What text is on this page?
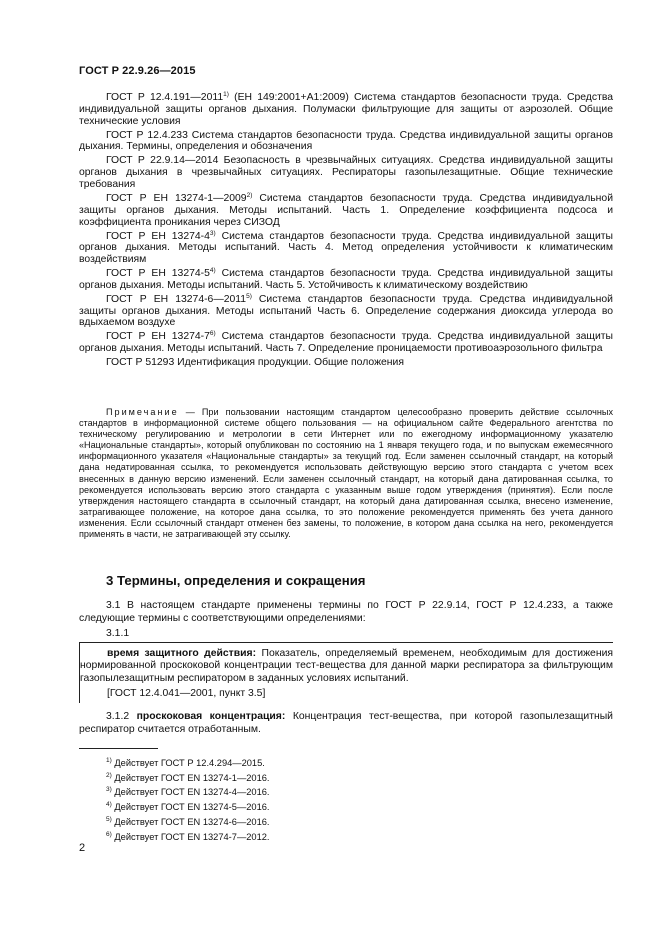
ГОСТ Р 22.9.26—2015

ГОСТ Р 12.4.191—2011$^{1)}$ (ЕН 149:2001+А1:2009) Система стандартов безопасности труда. Средства индивидуальной защиты органов дыхания. Полумаски фильтрующие для защиты от аэрозолей. Общие технические условия

ГОСТ Р 12.4.233 Система стандартов безопасности труда. Средства индивидуальной защиты органов дыхания. Термины, определения и обозначения

ГОСТ Р 22.9.14—2014 Безопасность в чрезвычайных ситуациях. Средства индивидуальной защиты органов дыхания в чрезвычайных ситуациях. Респираторы газопылезащитные. Общие технические требования

ГОСТ Р ЕН 13274-1—2009$^{2)}$ Система стандартов безопасности труда. Средства индивидуальной защиты органов дыхания. Методы испытаний. Часть 1. Определение коэффициента подсоса и коэффициента проникания через СИЗОД

ГОСТ Р ЕН 13274-4$^{3)}$ Система стандартов безопасности труда. Средства индивидуальной защиты органов дыхания. Методы испытаний. Часть 4. Метод определения устойчивости к климатическим воздействиям

ГОСТ Р ЕН 13274-5$^{4)}$ Система стандартов безопасности труда. Средства индивидуальной защиты органов дыхания. Методы испытаний. Часть 5. Устойчивость к климатическому воздействию

ГОСТ Р ЕН 13274-6—2011$^{5)}$ Система стандартов безопасности труда. Средства индивидуальной защиты органов дыхания. Методы испытаний Часть 6. Определение содержания диоксида углерода во вдыхаемом воздухе

ГОСТ Р ЕН 13274-7$^{6)}$ Система стандартов безопасности труда. Средства индивидуальной защиты органов дыхания. Методы испытаний. Часть 7. Определение проницаемости противоаэрозольного фильтра

ГОСТ Р 51293 Идентификация продукции. Общие положения

Примечание — При пользовании настоящим стандартом целесообразно проверить действие ссылочных стандартов в информационной системе общего пользования — на официальном сайте Федерального агентства по техническому регулированию и метрологии в сети Интернет или по ежегодному информационному указателю «Национальные стандарты», который опубликован по состоянию на 1 января текущего года, и по выпускам ежемесячного информационного указателя «Национальные стандарты» за текущий год. Если заменен ссылочный стандарт, на который дана недатированная ссылка, то рекомендуется использовать действующую версию этого стандарта с учетом всех внесенных в данную версию изменений. Если заменен ссылочный стандарт, на который дана датированная ссылка, то рекомендуется использовать версию этого стандарта с указанным выше годом утверждения (принятия). Если после утверждения настоящего стандарта в ссылочный стандарт, на который дана датированная ссылка, внесено изменение, затрагивающее положение, на которое дана ссылка, то это положение рекомендуется применять без учета данного изменения. Если ссылочный стандарт отменен без замены, то положение, в котором дана ссылка на него, рекомендуется применять в части, не затрагивающей эту ссылку.
3 Термины, определения и сокращения
3.1 В настоящем стандарте применены термины по ГОСТ Р 22.9.14, ГОСТ Р 12.4.233, а также следующие термины с соответствующими определениями:
3.1.1
время защитного действия: Показатель, определяемый временем, необходимым для достижения нормированной проскоковой концентрации тест-вещества для данной марки респиратора за фильтрующим газопылезащитным респиратором в заданных условиях испытаний.
[ГОСТ 12.4.041—2001, пункт 3.5]
3.1.2 проскоковая концентрация: Концентрация тест-вещества, при которой газопылезащитный респиратор считается отработанным.
$^{1)}$ Действует ГОСТ Р 12.4.294—2015.
$^{2)}$ Действует ГОСТ EN 13274-1—2016.
$^{3)}$ Действует ГОСТ EN 13274-4—2016.
$^{4)}$ Действует ГОСТ EN 13274-5—2016.
$^{5)}$ Действует ГОСТ EN 13274-6—2016.
$^{6)}$ Действует ГОСТ EN 13274-7—2012.
2
